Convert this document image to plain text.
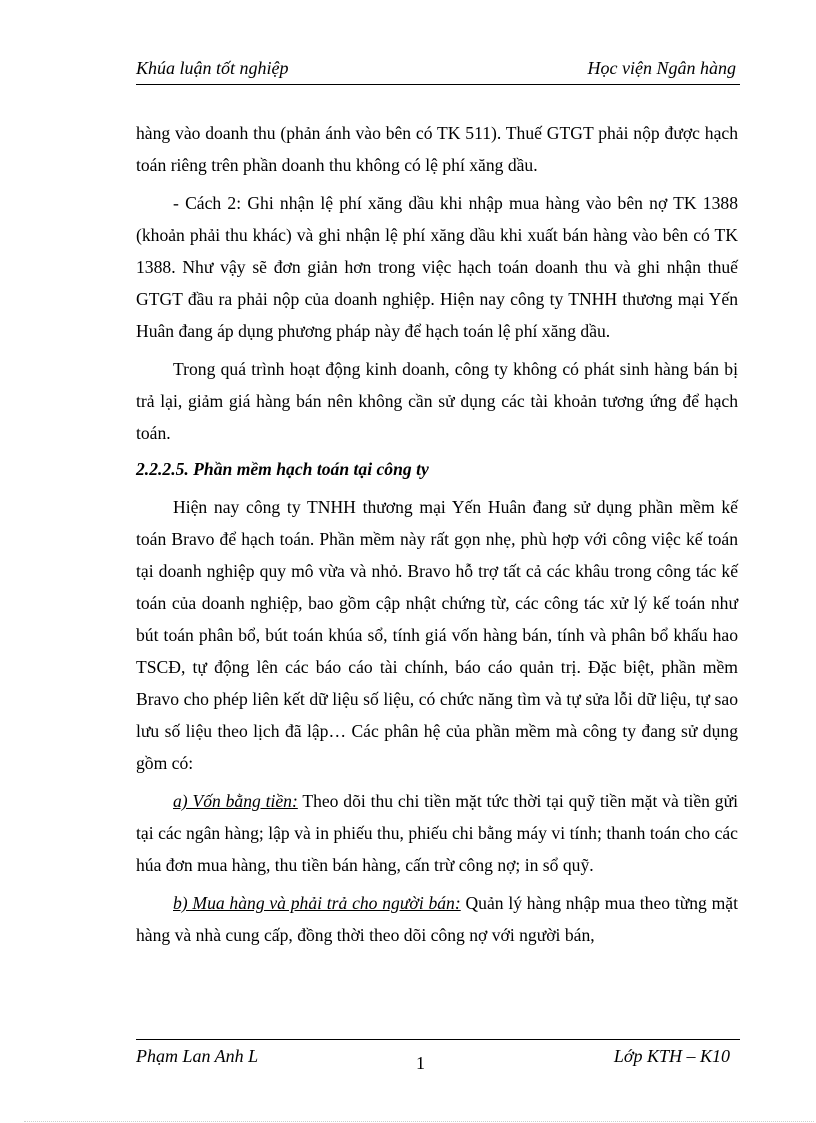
Khúa luận tốt nghiệp	Học viện Ngân hàng

hàng vào doanh thu (phản ánh vào bên có TK 511). Thuế GTGT phải nộp được hạch toán riêng trên phần doanh thu không có lệ phí xăng dầu.

- Cách 2: Ghi nhận lệ phí xăng dầu khi nhập mua hàng vào bên nợ TK 1388 (khoản phải thu khác) và ghi nhận lệ phí xăng dầu khi xuất bán hàng vào bên có TK 1388. Như vậy sẽ đơn giản hơn trong việc hạch toán doanh thu và ghi nhận thuế GTGT đầu ra phải nộp của doanh nghiệp. Hiện nay công ty TNHH thương mại Yến Huân đang áp dụng phương pháp này để hạch toán lệ phí xăng dầu.

Trong quá trình hoạt động kinh doanh, công ty không có phát sinh hàng bán bị trả lại, giảm giá hàng bán nên không cần sử dụng các tài khoản tương ứng để hạch toán.

2.2.2.5. Phần mềm hạch toán tại công ty

Hiện nay công ty TNHH thương mại Yến Huân đang sử dụng phần mềm kế toán Bravo để hạch toán. Phần mềm này rất gọn nhẹ, phù hợp với công việc kế toán tại doanh nghiệp quy mô vừa và nhỏ. Bravo hỗ trợ tất cả các khâu trong công tác kế toán của doanh nghiệp, bao gồm cập nhật chứng từ, các công tác xử lý kế toán như bút toán phân bổ, bút toán khúa sổ, tính giá vốn hàng bán, tính và phân bổ khấu hao TSCĐ, tự động lên các báo cáo tài chính, báo cáo quản trị. Đặc biệt, phần mềm Bravo cho phép liên kết dữ liệu số liệu, có chức năng tìm và tự sửa lỗi dữ liệu, tự sao lưu số liệu theo lịch đã lập… Các phân hệ của phần mềm mà công ty đang sử dụng gồm có:

a) Vốn bằng tiền: Theo dõi thu chi tiền mặt tức thời tại quỹ tiền mặt và tiền gửi tại các ngân hàng; lập và in phiếu thu, phiếu chi bằng máy vi tính; thanh toán cho các húa đơn mua hàng, thu tiền bán hàng, cấn trừ công nợ; in sổ quỹ.

b) Mua hàng và phải trả cho người bán: Quản lý hàng nhập mua theo từng mặt hàng và nhà cung cấp, đồng thời theo dõi công nợ với người bán,

Phạm Lan Anh L	1	Lớp KTH – K10
